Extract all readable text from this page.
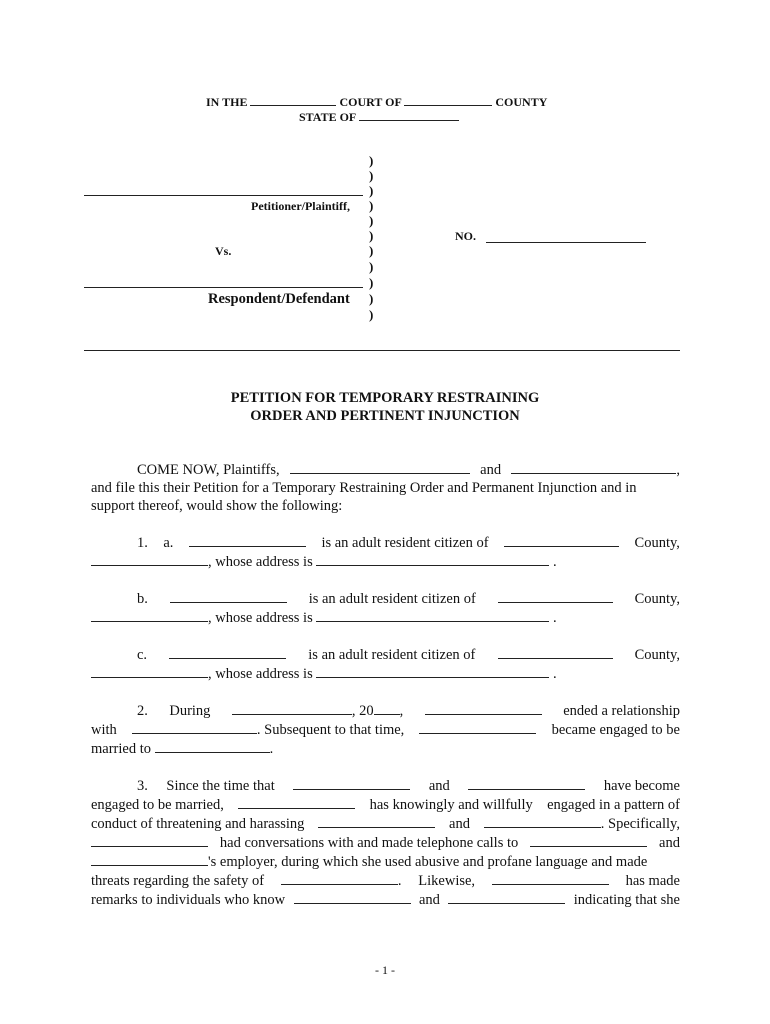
IN THE	COURT OF	COUNTY
STATE OF
)
)
)
)
)
)
)
)
)
)
)
Petitioner/Plaintiff,
Vs.
Respondent/Defendant
NO.
PETITION FOR TEMPORARY RESTRAINING
ORDER AND PERTINENT INJUNCTION
COME NOW, Plaintiffs,	and	,
and file this their Petition for a Temporary Restraining Order and Permanent Injunction and in
support thereof, would show the following:
1. a.	is an adult resident citizen of	County,
, whose address is	.
b.	is an adult resident citizen of	County,
, whose address is	.
c.	is an adult resident citizen of	County,
, whose address is	.
2. During	, 20 ,	ended a relationship
with	. Subsequent to that time,	became engaged to be
married to	.
3. Since the time that	and	have become
engaged to be married,	has knowingly and willfully engaged in a pattern of
conduct of threatening and harassing	and	. Specifically,
had conversations with and made telephone calls to	and
's employer, during which she used abusive and profane language and made
threats regarding the safety of	. Likewise,	has made
remarks to individuals who know	and	indicating that she
- 1 -
